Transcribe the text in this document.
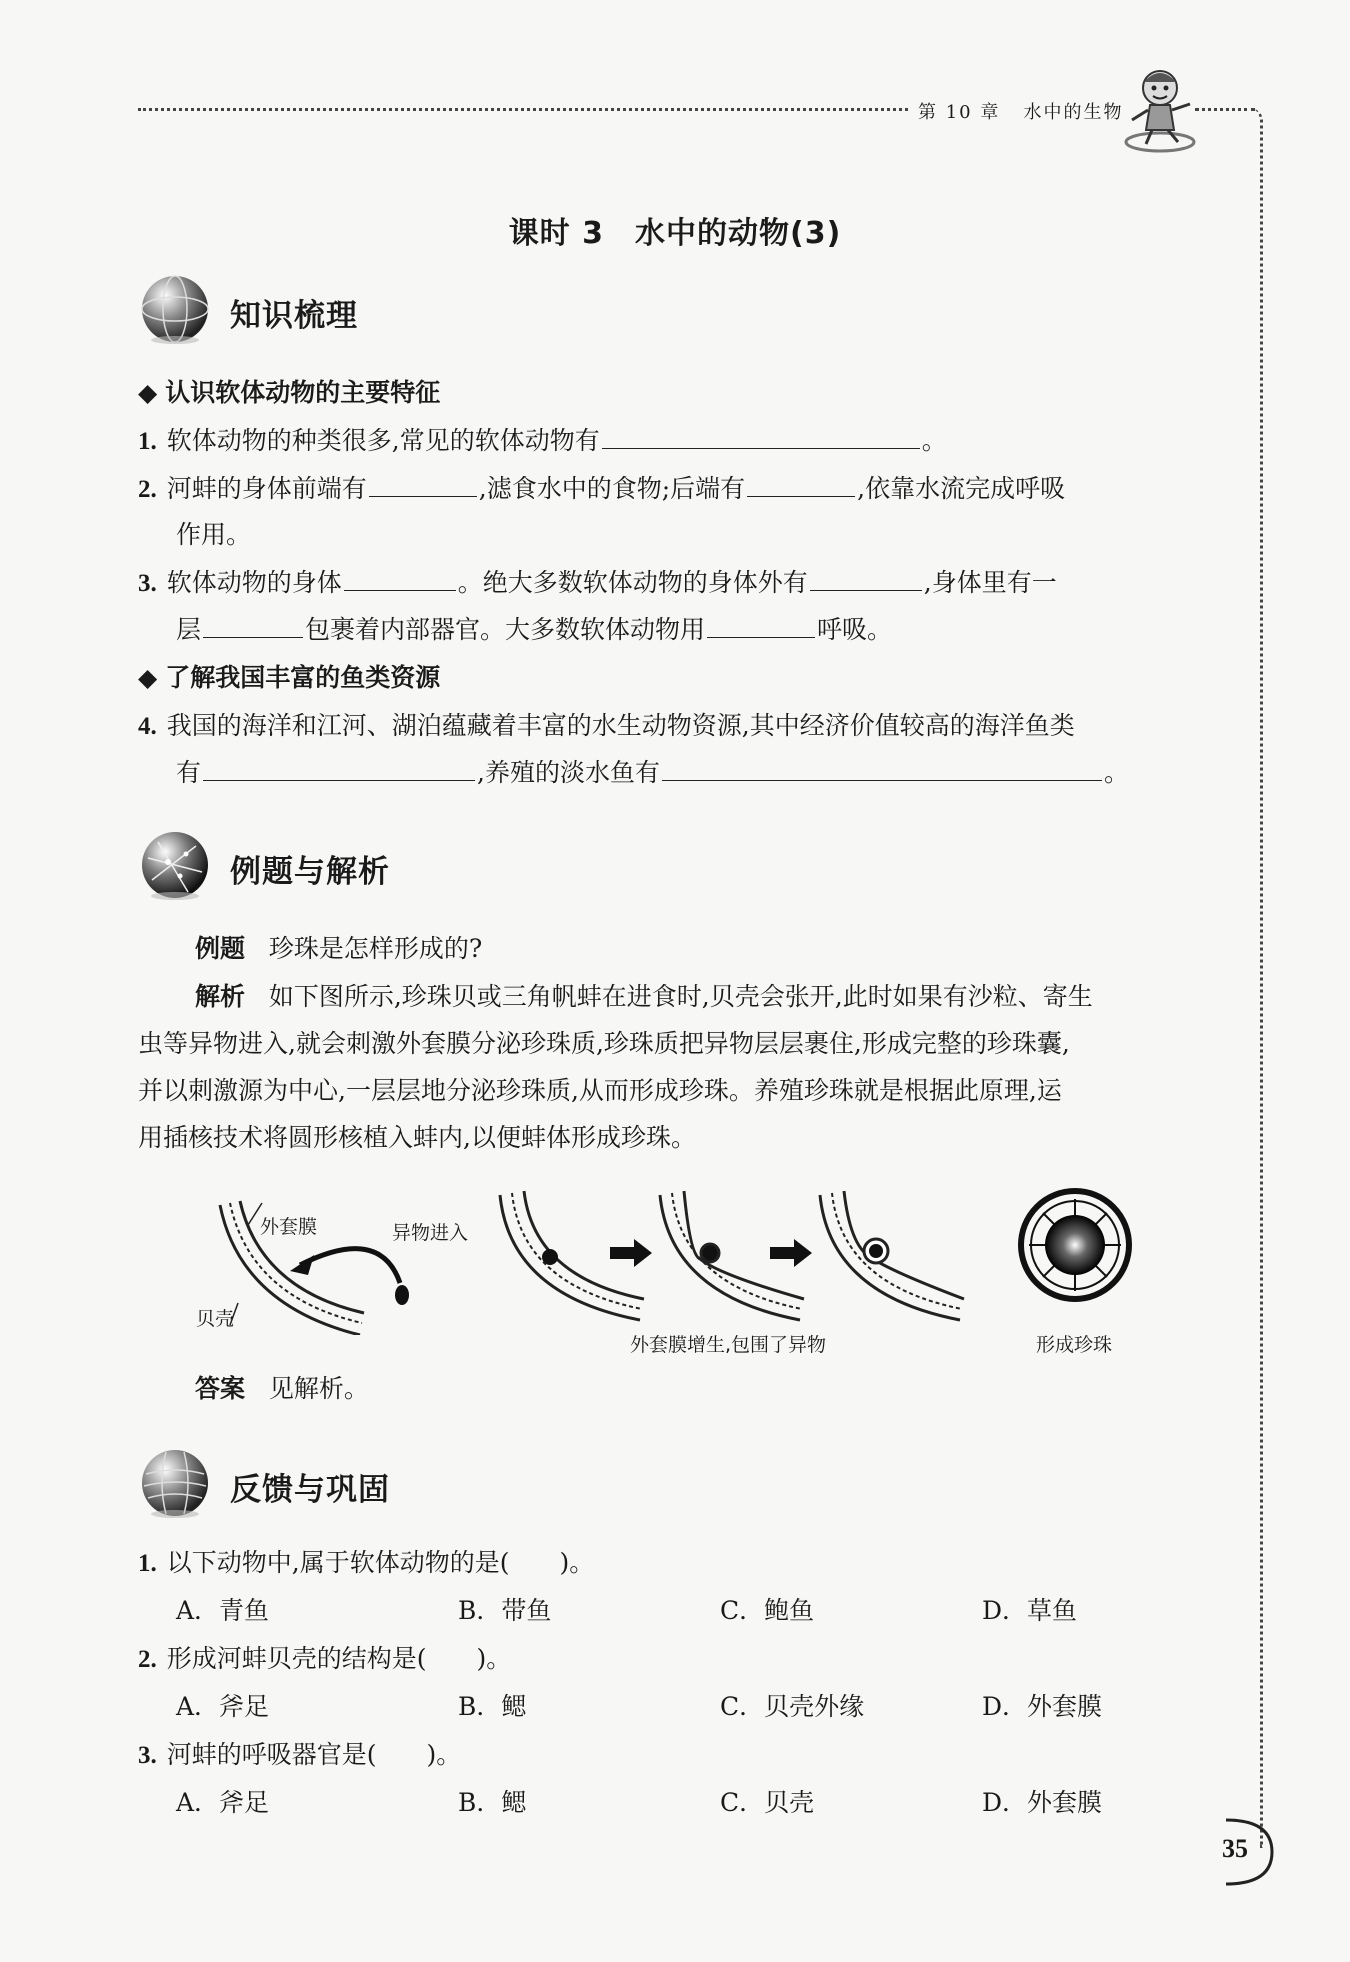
第 10 章 水中的生物
课时 3　水中的动物(3)
知识梳理
◆ 认识软体动物的主要特征
1. 软体动物的种类很多,常见的软体动物有	。
2. 河蚌的身体前端有	,滤食水中的食物;后端有	,依靠水流完成呼吸
作用。
3. 软体动物的身体	。绝大多数软体动物的身体外有	,身体里有一
层	包裹着内部器官。大多数软体动物用	呼吸。
◆ 了解我国丰富的鱼类资源
4. 我国的海洋和江河、湖泊蕴藏着丰富的水生动物资源,其中经济价值较高的海洋鱼类
有	,养殖的淡水鱼有	。
例题与解析
例题 珍珠是怎样形成的?
解析 如下图所示,珍珠贝或三角帆蚌在进食时,贝壳会张开,此时如果有沙粒、寄生
虫等异物进入,就会刺激外套膜分泌珍珠质,珍珠质把异物层层裹住,形成完整的珍珠囊,
并以刺激源为中心,一层层地分泌珍珠质,从而形成珍珠。养殖珍珠就是根据此原理,运
用插核技术将圆形核植入蚌内,以便蚌体形成珍珠。
外套膜	异物进入
贝壳
外套膜增生,包围了异物	形成珍珠
答案 见解析。
反馈与巩固
1. 以下动物中,属于软体动物的是(　　)。
A．青鱼	B．带鱼	C．鲍鱼	D．草鱼
2. 形成河蚌贝壳的结构是(　　)。
A．斧足	B．鳃	C．贝壳外缘	D．外套膜
3. 河蚌的呼吸器官是(　　)。
A．斧足	B．鳃	C．贝壳	D．外套膜
35
